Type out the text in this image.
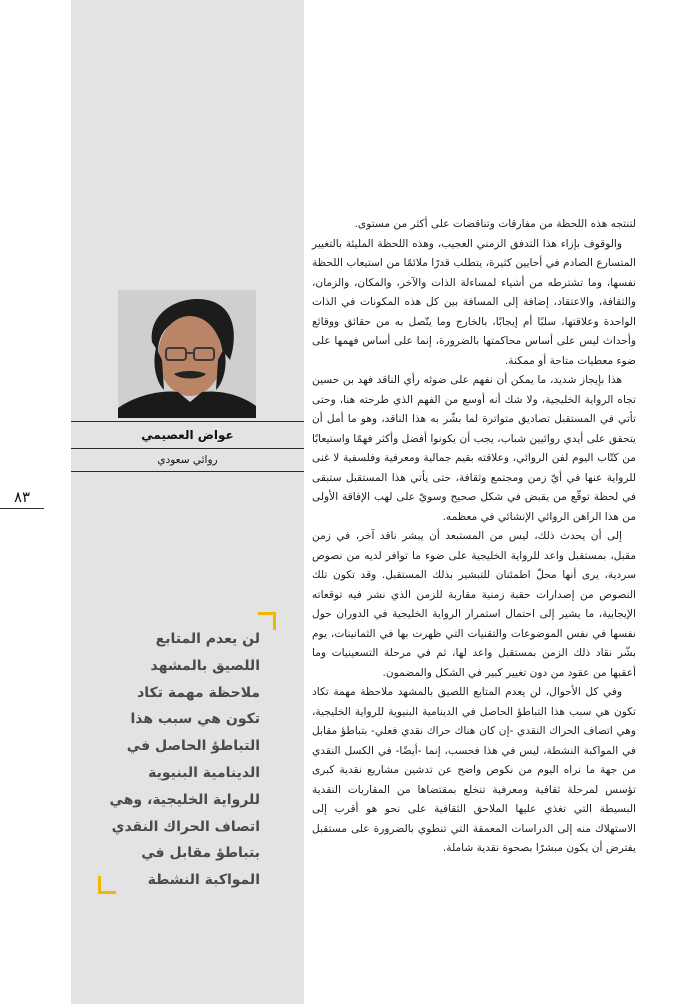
عواض العصيمي
روائي سعودي
٨٣
لن يعدم المتابع اللصيق بالمشهد ملاحظة مهمة تكاد تكون هي سبب هذا التباطؤ الحاصل في الدينامية البنيوية للرواية الخليجية، وهي اتصاف الحراك النقدي بتباطؤ مقابل في المواكبة النشطة

لتنتجه هذه اللحظة من مفارقات وتناقضات على أكثر من مستوى.

والوقوف بإزاء هذا التدفق الزمني العجيب، وهذه اللحظة المليئة بالتغيير المتسارع الصادم في أحايين كثيرة، يتطلب قدرًا ملائمًا من استيعاب اللحظة نفسها، وما تشترطه من أشياء لمساءلة الذات والآخر، والمكان، والزمان، والثقافة، والاعتقاد، إضافة إلى المسافة بين كل هذه المكونات في الذات الواحدة وعلاقتها، سلبًا أم إيجابًا، بالخارج وما يتّصل به من حقائق ووقائع وأحداث ليس على أساس محاكمتها بالضرورة، إنما على أساس فهمها على ضوء معطيات متاحة أو ممكنة.

هذا بإيجاز شديد، ما يمكن أن نفهم على ضوئه رأي الناقد فهد بن حسين تجاه الرواية الخليجية، ولا شك أنه أوسع من الفهم الذي طرحته هنا، وحتى تأتي في المستقبل تصاديق متواترة لما بشّر به هذا الناقد، وهو ما أمل أن يتحقق على أيدي روائيين شباب، يجب أن يكونوا أفضل وأكثر فهمًا واستيعابًا من كتّاب اليوم لفن الروائي، وعلاقته بقيم جمالية ومعرفية وفلسفية لا غنى للرواية عنها في أيّ زمن ومجتمع وثقافة، حتى يأتي هذا المستقبل ستبقى في لحظة توقّع من يقبض في شكل صحيح وسويّ على لهب الإفاقة الأولى من هذا الراهن الروائي الإنشائي في معظمه.

إلى أن يحدث ذلك، ليس من المستبعد أن يبشر ناقد آخر، في زمن مقبل، بمستقبل واعد للرواية الخليجية على ضوء ما توافر لديه من نصوص سردية، يرى أنها محلّ اطمئنان للتبشير بذلك المستقبل. وقد تكون تلك النصوص من إصدارات حقبة زمنية مقاربة للزمن الذي نشر فيه توقعاته الإيجابية، ما يشير إلى احتمال استمرار الرواية الخليجية في الدوران حول نفسها في نفس الموضوعات والتقنيات التي ظهرت بها في الثمانينات، يوم بشّر نقاد ذلك الزمن بمستقبل واعد لها، ثم في مرحلة التسعينيات وما أعقبها من عقود من دون تغيير كبير في الشكل والمضمون.

وفي كل الأحوال، لن يعدم المتابع اللصيق بالمشهد ملاحظة مهمة تكاد تكون هي سبب هذا التباطؤ الحاصل في الدينامية البنيوية للرواية الخليجية، وهي اتصاف الحراك النقدي -إن كان هناك حراك نقدي فعلي- بتباطؤ مقابل في المواكبة النشطة، ليس في هذا فحسب، إنما -أيضًا- في الكسل النقدي من جهة ما نراه اليوم من نكوص واضح عن تدشين مشاريع نقدية كبرى تؤسس لمرحلة ثقافية ومعرفية تنخلع بمقتضاها من المقاربات النقدية البسيطة التي تغذي عليها الملاحق الثقافية على نحو هو أقرب إلى الاستهلاك منه إلى الدراسات المعمقة التي تنطوي بالضرورة على مستقبل يفترض أن يكون مبشرًا بصحوة نقدية شاملة.
